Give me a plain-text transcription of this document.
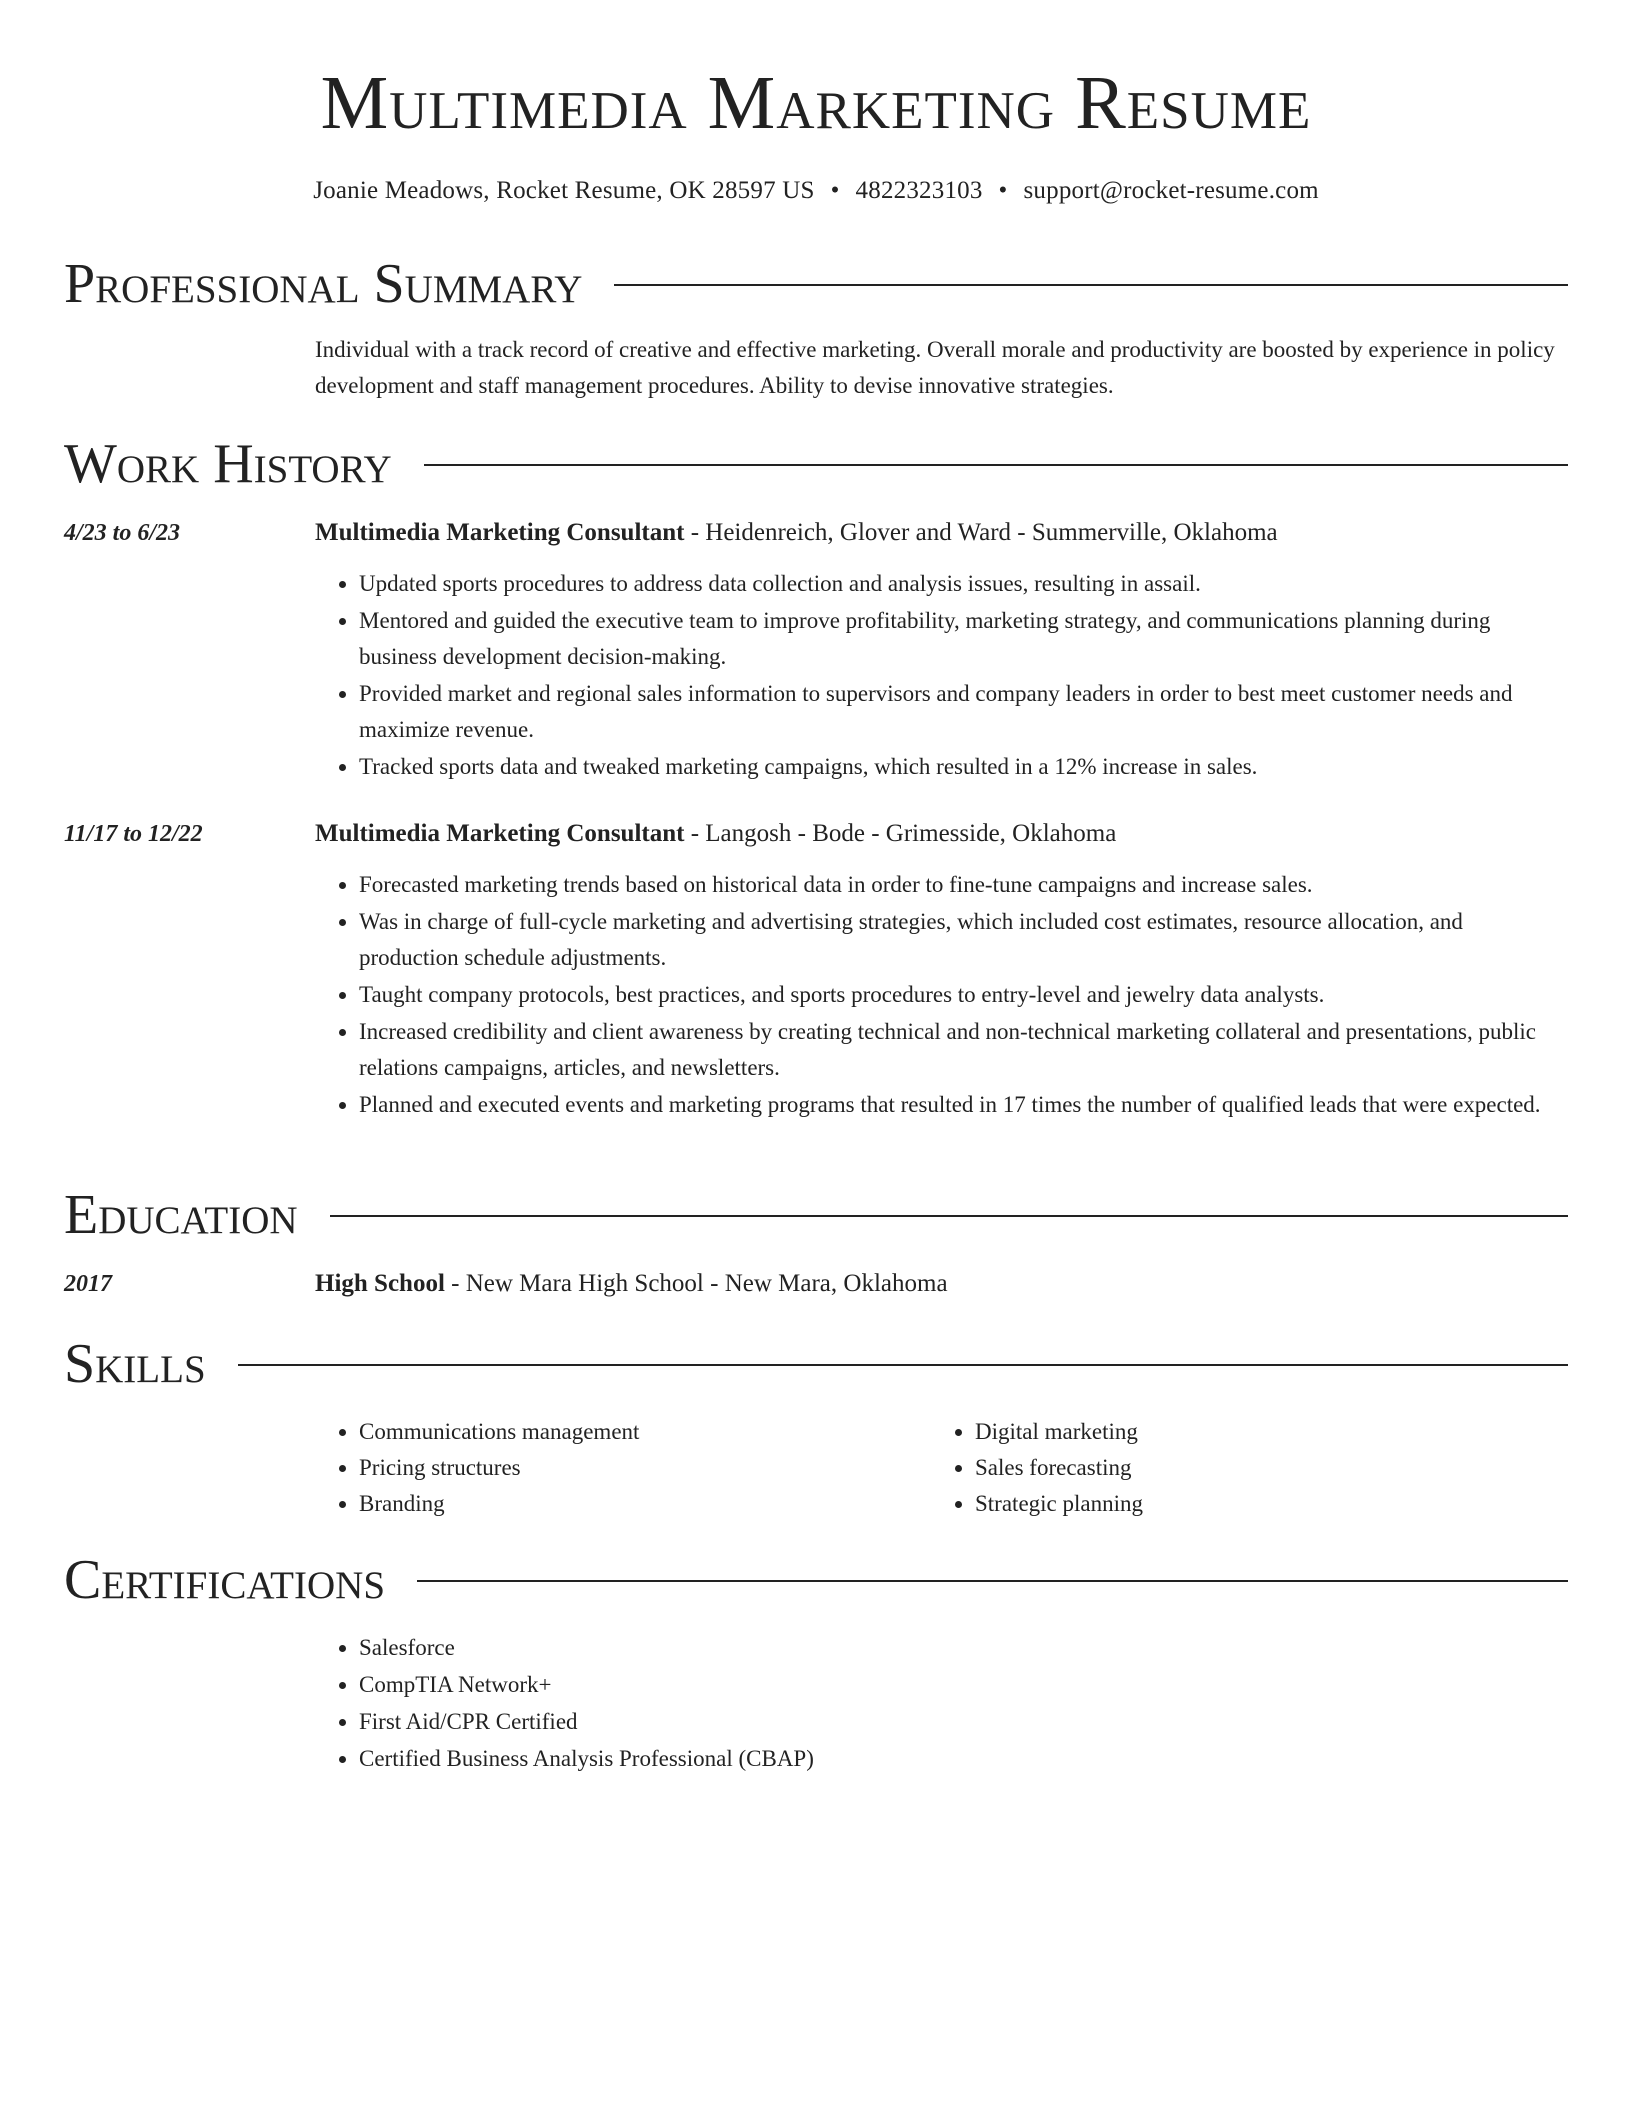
Multimedia Marketing Resume
Joanie Meadows, Rocket Resume, OK 28597 US • 4822323103 • support@rocket-resume.com
Professional Summary
Individual with a track record of creative and effective marketing. Overall morale and productivity are boosted by experience in policy development and staff management procedures. Ability to devise innovative strategies.
Work History
4/23 to 6/23	Multimedia Marketing Consultant - Heidenreich, Glover and Ward - Summerville, Oklahoma
• Updated sports procedures to address data collection and analysis issues, resulting in assail.
• Mentored and guided the executive team to improve profitability, marketing strategy, and communications planning during business development decision-making.
• Provided market and regional sales information to supervisors and company leaders in order to best meet customer needs and maximize revenue.
• Tracked sports data and tweaked marketing campaigns, which resulted in a 12% increase in sales.
11/17 to 12/22	Multimedia Marketing Consultant - Langosh - Bode - Grimesside, Oklahoma
• Forecasted marketing trends based on historical data in order to fine-tune campaigns and increase sales.
• Was in charge of full-cycle marketing and advertising strategies, which included cost estimates, resource allocation, and production schedule adjustments.
• Taught company protocols, best practices, and sports procedures to entry-level and jewelry data analysts.
• Increased credibility and client awareness by creating technical and non-technical marketing collateral and presentations, public relations campaigns, articles, and newsletters.
• Planned and executed events and marketing programs that resulted in 17 times the number of qualified leads that were expected.
Education
2017	High School - New Mara High School - New Mara, Oklahoma
Skills
• Communications management
• Pricing structures
• Branding
• Digital marketing
• Sales forecasting
• Strategic planning
Certifications
• Salesforce
• CompTIA Network+
• First Aid/CPR Certified
• Certified Business Analysis Professional (CBAP)
